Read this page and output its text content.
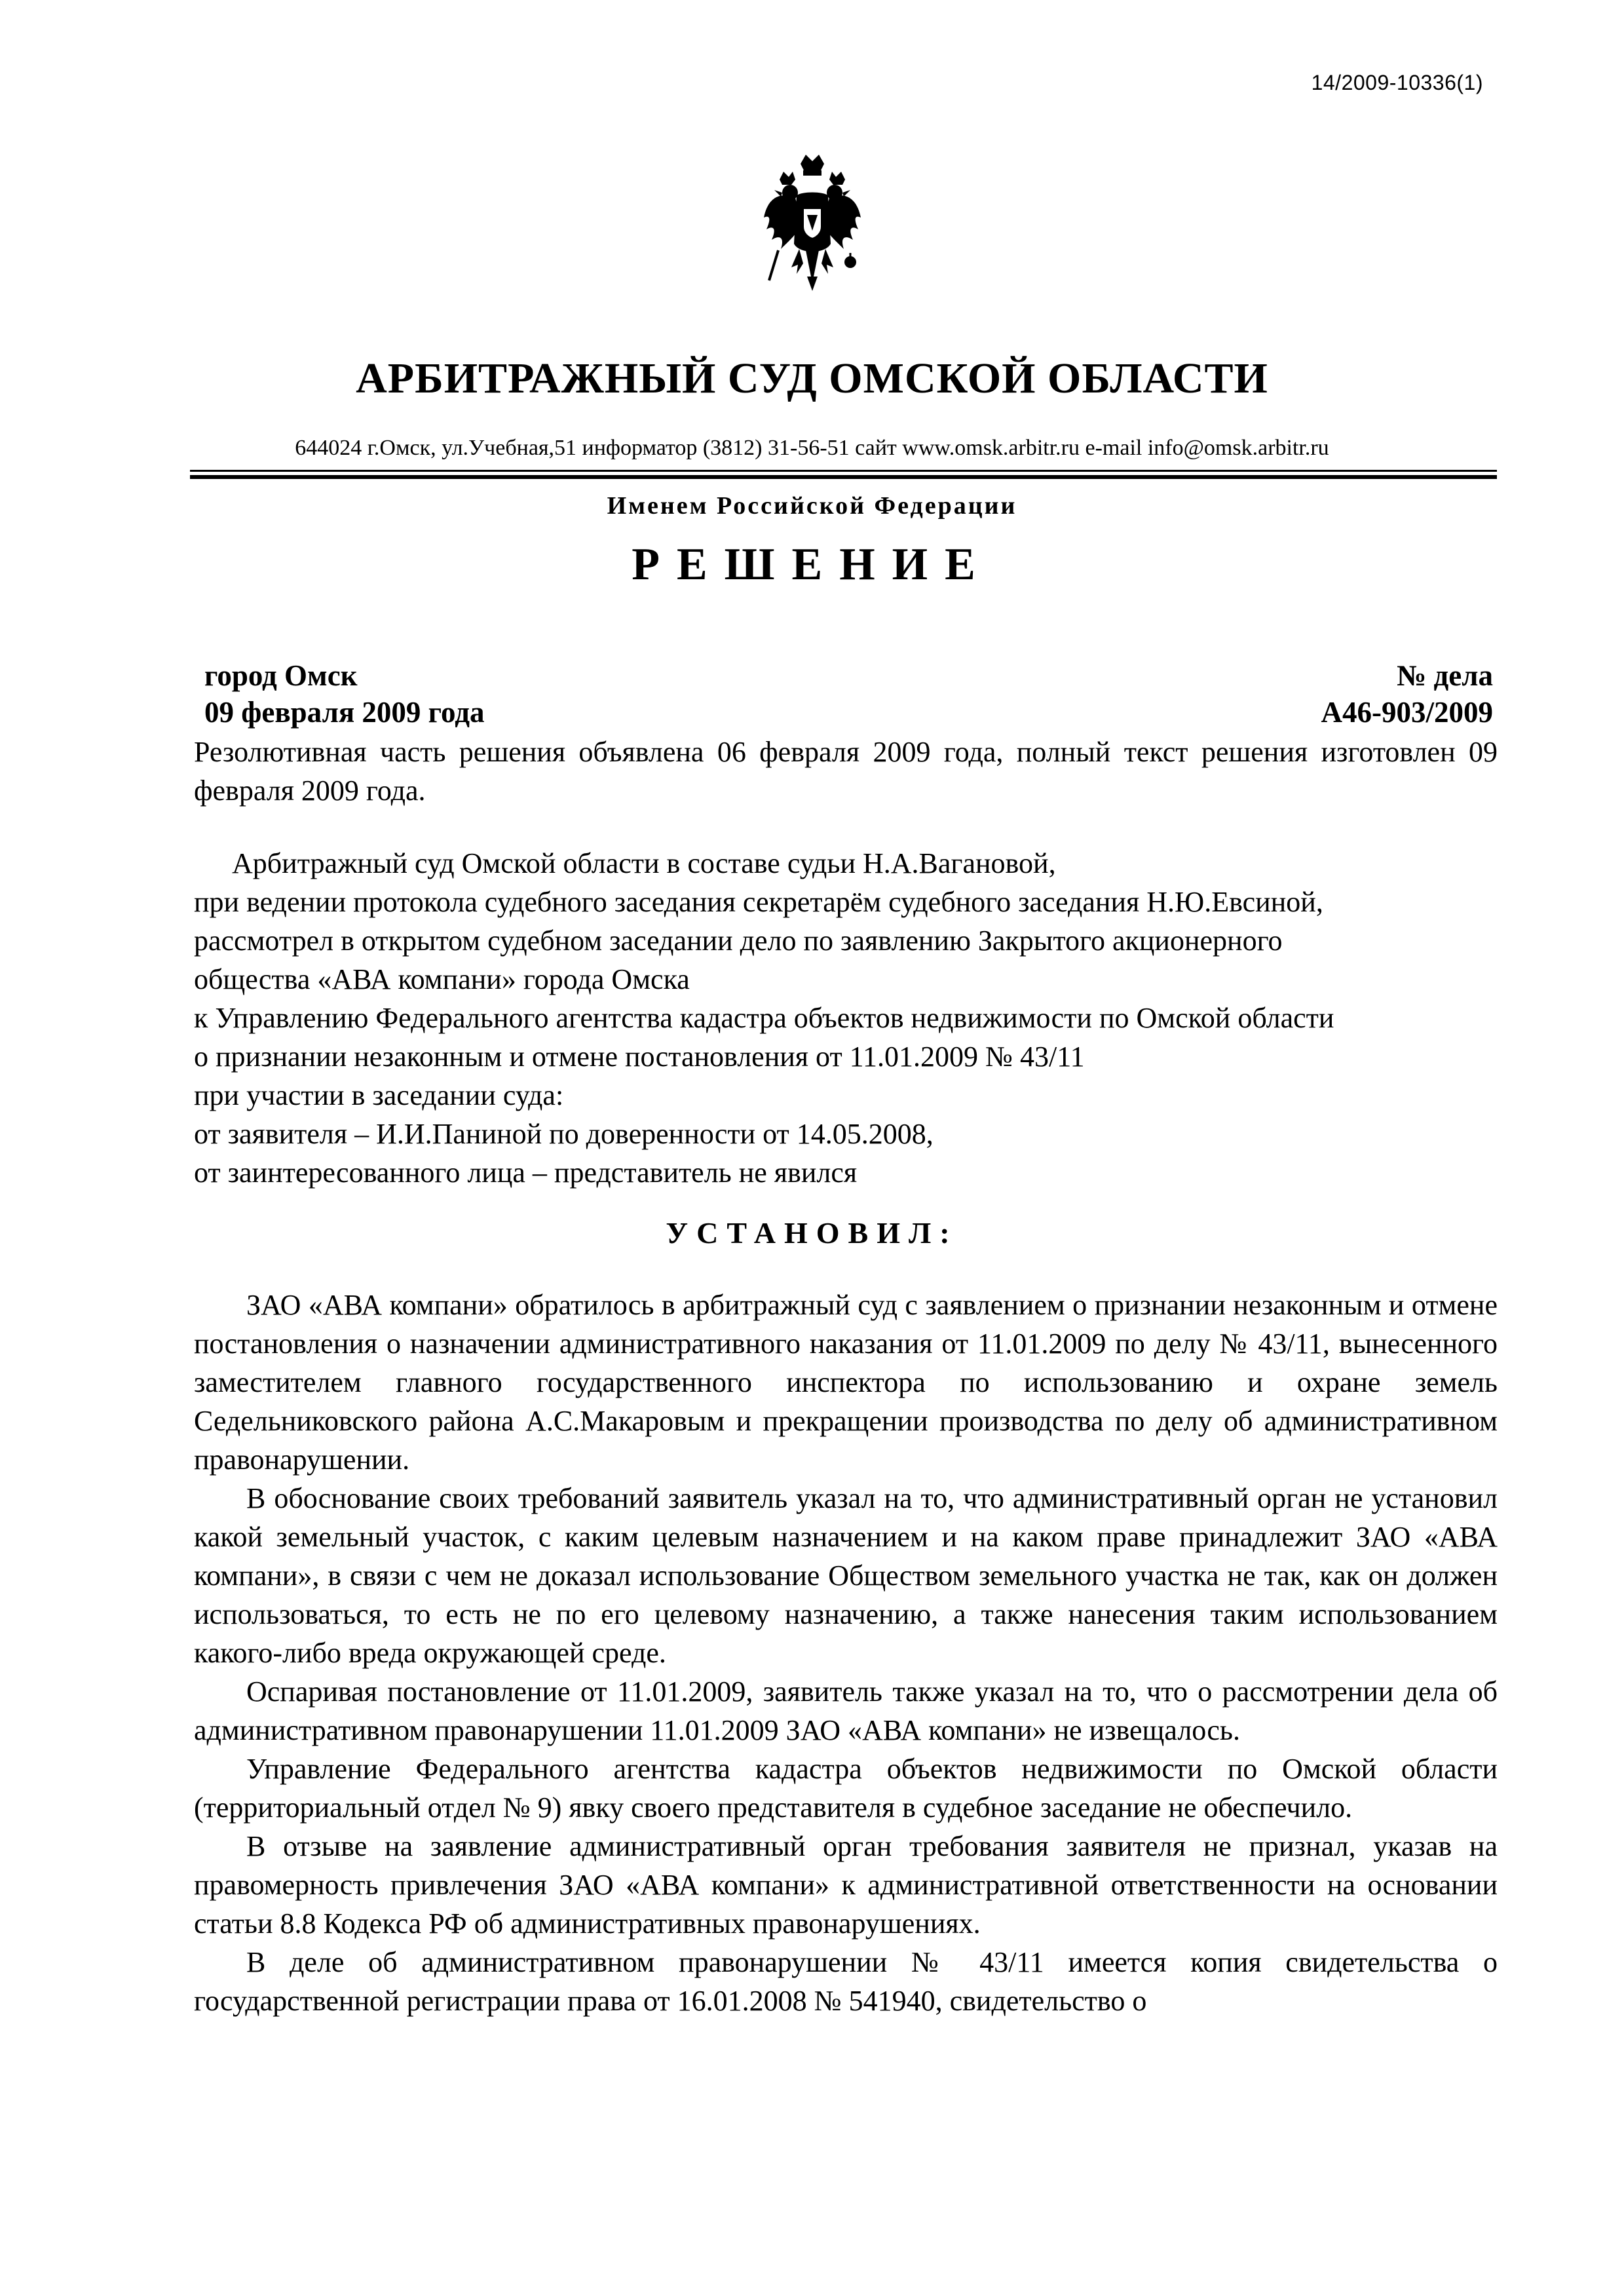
14/2009-10336(1)
АРБИТРАЖНЫЙ СУД ОМСКОЙ ОБЛАСТИ
644024 г.Омск, ул.Учебная,51 информатор (3812) 31-56-51 сайт www.omsk.arbitr.ru e-mail info@omsk.arbitr.ru
Именем Российской Федерации
РЕШЕНИЕ
город Омск
09 февраля 2009 года
№ дела
А46-903/2009

Резолютивная часть решения объявлена 06 февраля 2009 года, полный текст решения изготовлен 09 февраля 2009 года.

Арбитражный суд Омской области в составе судьи Н.А.Вагановой,
при ведении протокола судебного заседания секретарём судебного заседания Н.Ю.Евсиной,
рассмотрел в открытом судебном заседании дело по заявлению Закрытого акционерного
общества «АВА компани» города Омска
к Управлению Федерального агентства кадастра объектов недвижимости по Омской области
о признании незаконным и отмене постановления от 11.01.2009 № 43/11
при участии в заседании суда:
от заявителя – И.И.Паниной по доверенности от 14.05.2008,
от заинтересованного лица – представитель не явился
УСТАНОВИЛ:

ЗАО «АВА компани» обратилось в арбитражный суд с заявлением о признании незаконным и отмене постановления о назначении административного наказания от 11.01.2009 по делу № 43/11, вынесенного заместителем главного государственного инспектора по использованию и охране земель Седельниковского района А.С.Макаровым и прекращении производства по делу об административном правонарушении.

В обоснование своих требований заявитель указал на то, что административный орган не установил какой земельный участок, с каким целевым назначением и на каком праве принадлежит ЗАО «АВА компани», в связи с чем не доказал использование Обществом земельного участка не так, как он должен использоваться, то есть не по его целевому назначению, а также нанесения таким использованием какого-либо вреда окружающей среде.

Оспаривая постановление от 11.01.2009, заявитель также указал на то, что о рассмотрении дела об административном правонарушении 11.01.2009 ЗАО «АВА компани» не извещалось.

Управление Федерального агентства кадастра объектов недвижимости по Омской области (территориальный отдел № 9) явку своего представителя в судебное заседание не обеспечило.

В отзыве на заявление административный орган требования заявителя не признал, указав на правомерность привлечения ЗАО «АВА компани» к административной ответственности на основании статьи 8.8 Кодекса РФ об административных правонарушениях.

В деле об административном правонарушении № 43/11 имеется копия свидетельства о государственной регистрации права от 16.01.2008 № 541940, свидетельство о
